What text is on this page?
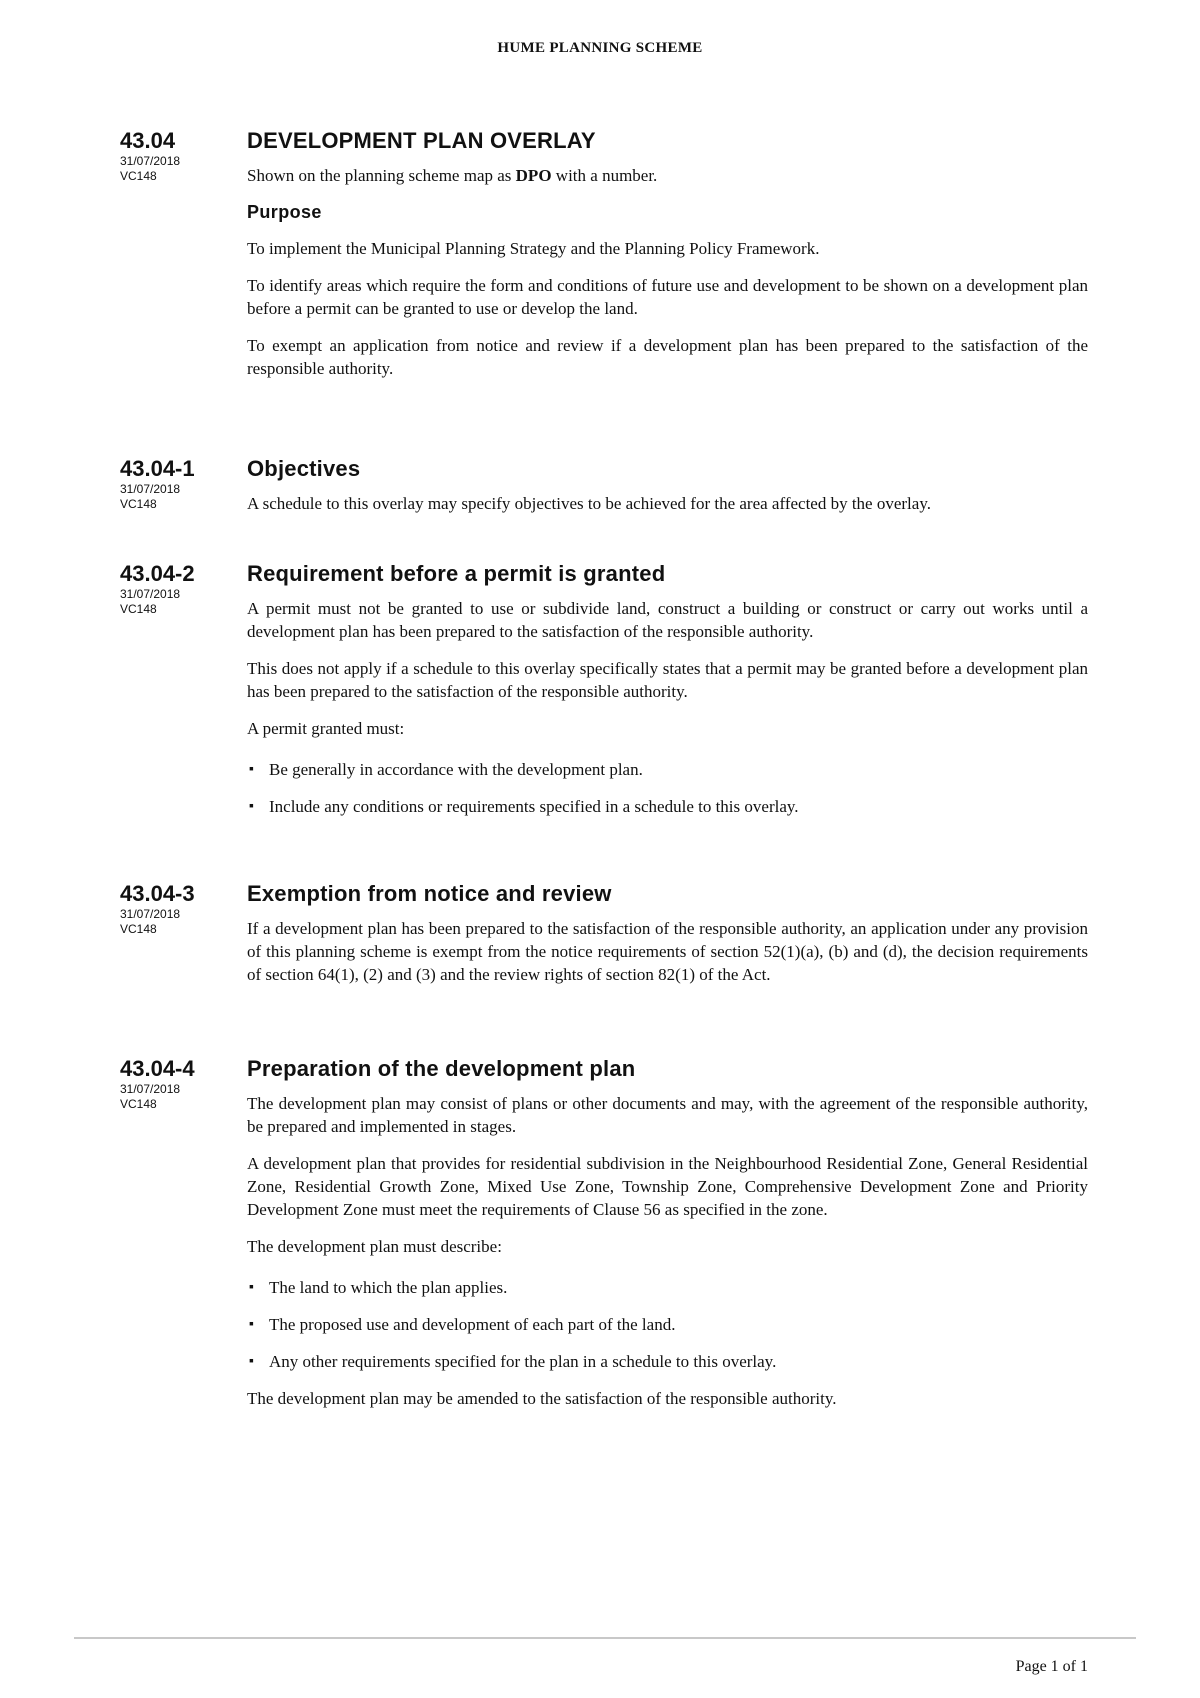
HUME PLANNING SCHEME

43.04

31/07/2018

VC148

DEVELOPMENT PLAN OVERLAY

Shown on the planning scheme map as DPO with a number.

Purpose

To implement the Municipal Planning Strategy and the Planning Policy Framework.

To identify areas which require the form and conditions of future use and development to be shown on a development plan before a permit can be granted to use or develop the land.

To exempt an application from notice and review if a development plan has been prepared to the satisfaction of the responsible authority.

43.04-1

31/07/2018

VC148

Objectives

A schedule to this overlay may specify objectives to be achieved for the area affected by the overlay.

43.04-2

31/07/2018

VC148

Requirement before a permit is granted

A permit must not be granted to use or subdivide land, construct a building or construct or carry out works until a development plan has been prepared to the satisfaction of the responsible authority.

This does not apply if a schedule to this overlay specifically states that a permit may be granted before a development plan has been prepared to the satisfaction of the responsible authority.

A permit granted must:

▪ Be generally in accordance with the development plan.
▪ Include any conditions or requirements specified in a schedule to this overlay.

43.04-3

31/07/2018

VC148

Exemption from notice and review

If a development plan has been prepared to the satisfaction of the responsible authority, an application under any provision of this planning scheme is exempt from the notice requirements of section 52(1)(a), (b) and (d), the decision requirements of section 64(1), (2) and (3) and the review rights of section 82(1) of the Act.

43.04-4

31/07/2018

VC148

Preparation of the development plan

The development plan may consist of plans or other documents and may, with the agreement of the responsible authority, be prepared and implemented in stages.

A development plan that provides for residential subdivision in the Neighbourhood Residential Zone, General Residential Zone, Residential Growth Zone, Mixed Use Zone, Township Zone, Comprehensive Development Zone and Priority Development Zone must meet the requirements of Clause 56 as specified in the zone.

The development plan must describe:

▪ The land to which the plan applies.
▪ The proposed use and development of each part of the land.
▪ Any other requirements specified for the plan in a schedule to this overlay.

The development plan may be amended to the satisfaction of the responsible authority.

Page 1 of 1
